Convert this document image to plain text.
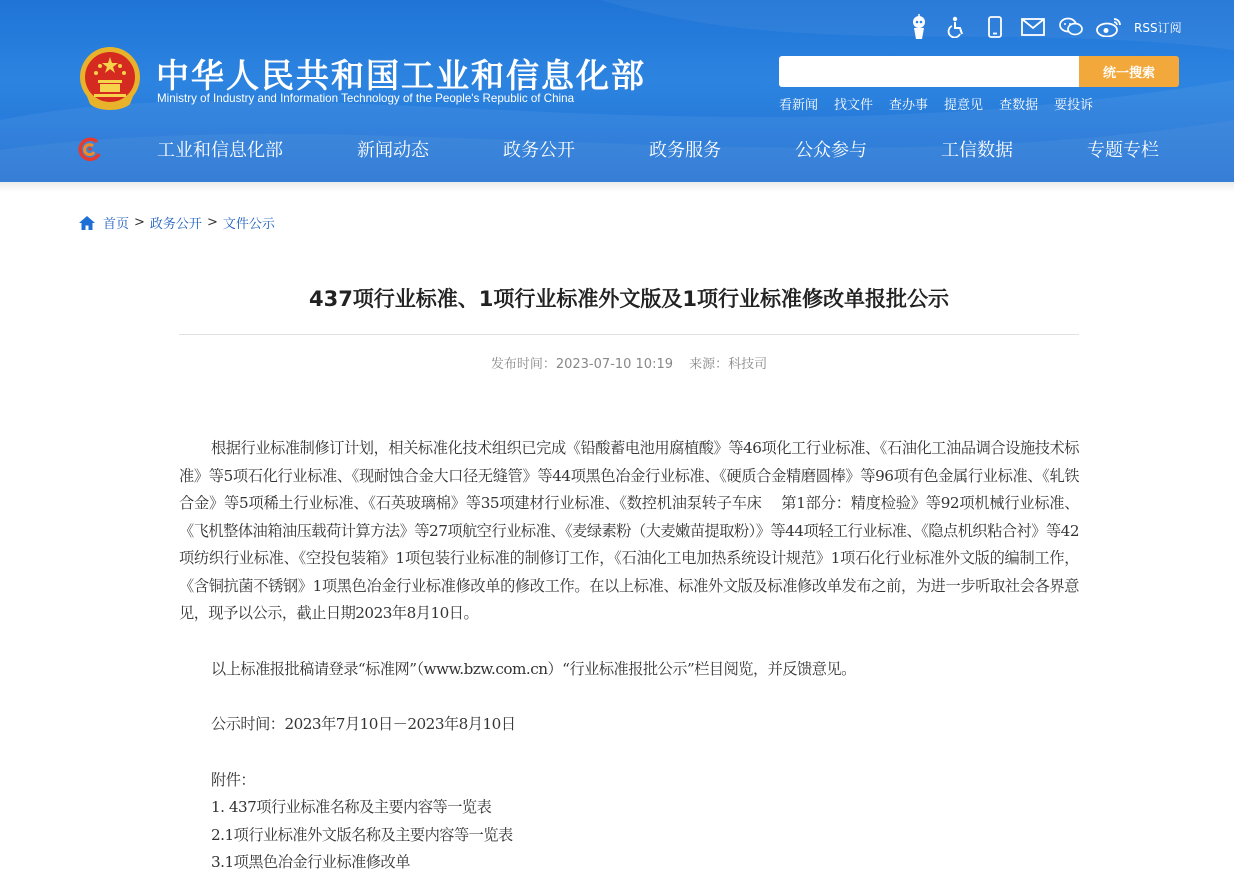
中华人民共和国工业和信息化部
Ministry of Industry and Information Technology of the People's Republic of China
RSS订阅
统一搜索
看新闻 找文件 查办事 提意见 查数据 要投诉
工业和信息化部	新闻动态	政务公开	政务服务	公众参与	工信数据	专题专栏
首页 > 政务公开 > 文件公示
437项行业标准、1项行业标准外文版及1项行业标准修改单报批公示
发布时间：2023-07-10 10:19 来源：科技司

根据行业标准制修订计划，相关标准化技术组织已完成《铅酸蓄电池用腐植酸》等46项化工行业标准、《石油化工油品调合设施技术标准》等5项石化行业标准、《现耐蚀合金大口径无缝管》等44项黑色冶金行业标准、《硬质合金精磨圆棒》等96项有色金属行业标准、《轧铁合金》等5项稀土行业标准、《石英玻璃棉》等35项建材行业标准、《数控机油泵转子车床　 第1部分：精度检验》等92项机械行业标准、《飞机整体油箱油压载荷计算方法》等27项航空行业标准、《麦绿素粉（大麦嫩苗提取粉）》等44项轻工行业标准、《隐点机织粘合衬》等42项纺织行业标准、《空投包装箱》1项包装行业标准的制修订工作，《石油化工电加热系统设计规范》1项石化行业标准外文版的编制工作，《含铜抗菌不锈钢》1项黑色冶金行业标准修改单的修改工作。在以上标准、标准外文版及标准修改单发布之前，为进一步听取社会各界意见，现予以公示，截止日期2023年8月10日。

以上标准报批稿请登录“标准网”（www.bzw.com.cn）“行业标准报批公示”栏目阅览，并反馈意见。

公示时间：2023年7月10日－2023年8月10日

附件：

1. 437项行业标准名称及主要内容等一览表
2.1项行业标准外文版名称及主要内容等一览表
3.1项黑色冶金行业标准修改单
